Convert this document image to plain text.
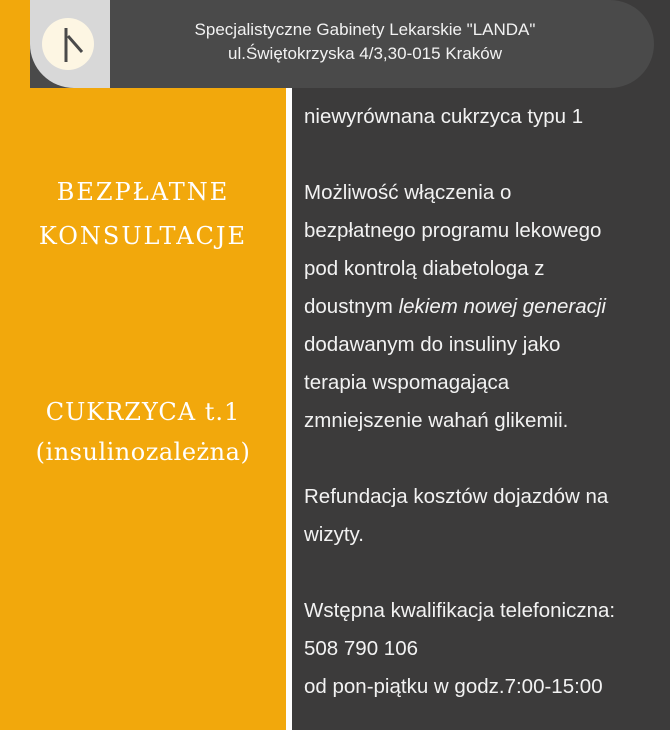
Specjalistyczne Gabinety Lekarskie "LANDA"
ul.Świętokrzyska 4/3,30-015 Kraków
BEZPŁATNE
KONSULTACJE
CUKRZYCA t.1
(insulinozależna)

niewyrównana cukrzyca typu 1

Możliwość włączenia o

bezpłatnego programu lekowego

pod kontrolą diabetologa z

doustnym lekiem nowej generacji

dodawanym do insuliny jako

terapia wspomagająca

zmniejszenie wahań glikemii.

Refundacja kosztów dojazdów na

wizyty.

Wstępna kwalifikacja telefoniczna:

508 790 106

od pon-piątku w godz.7:00-15:00
